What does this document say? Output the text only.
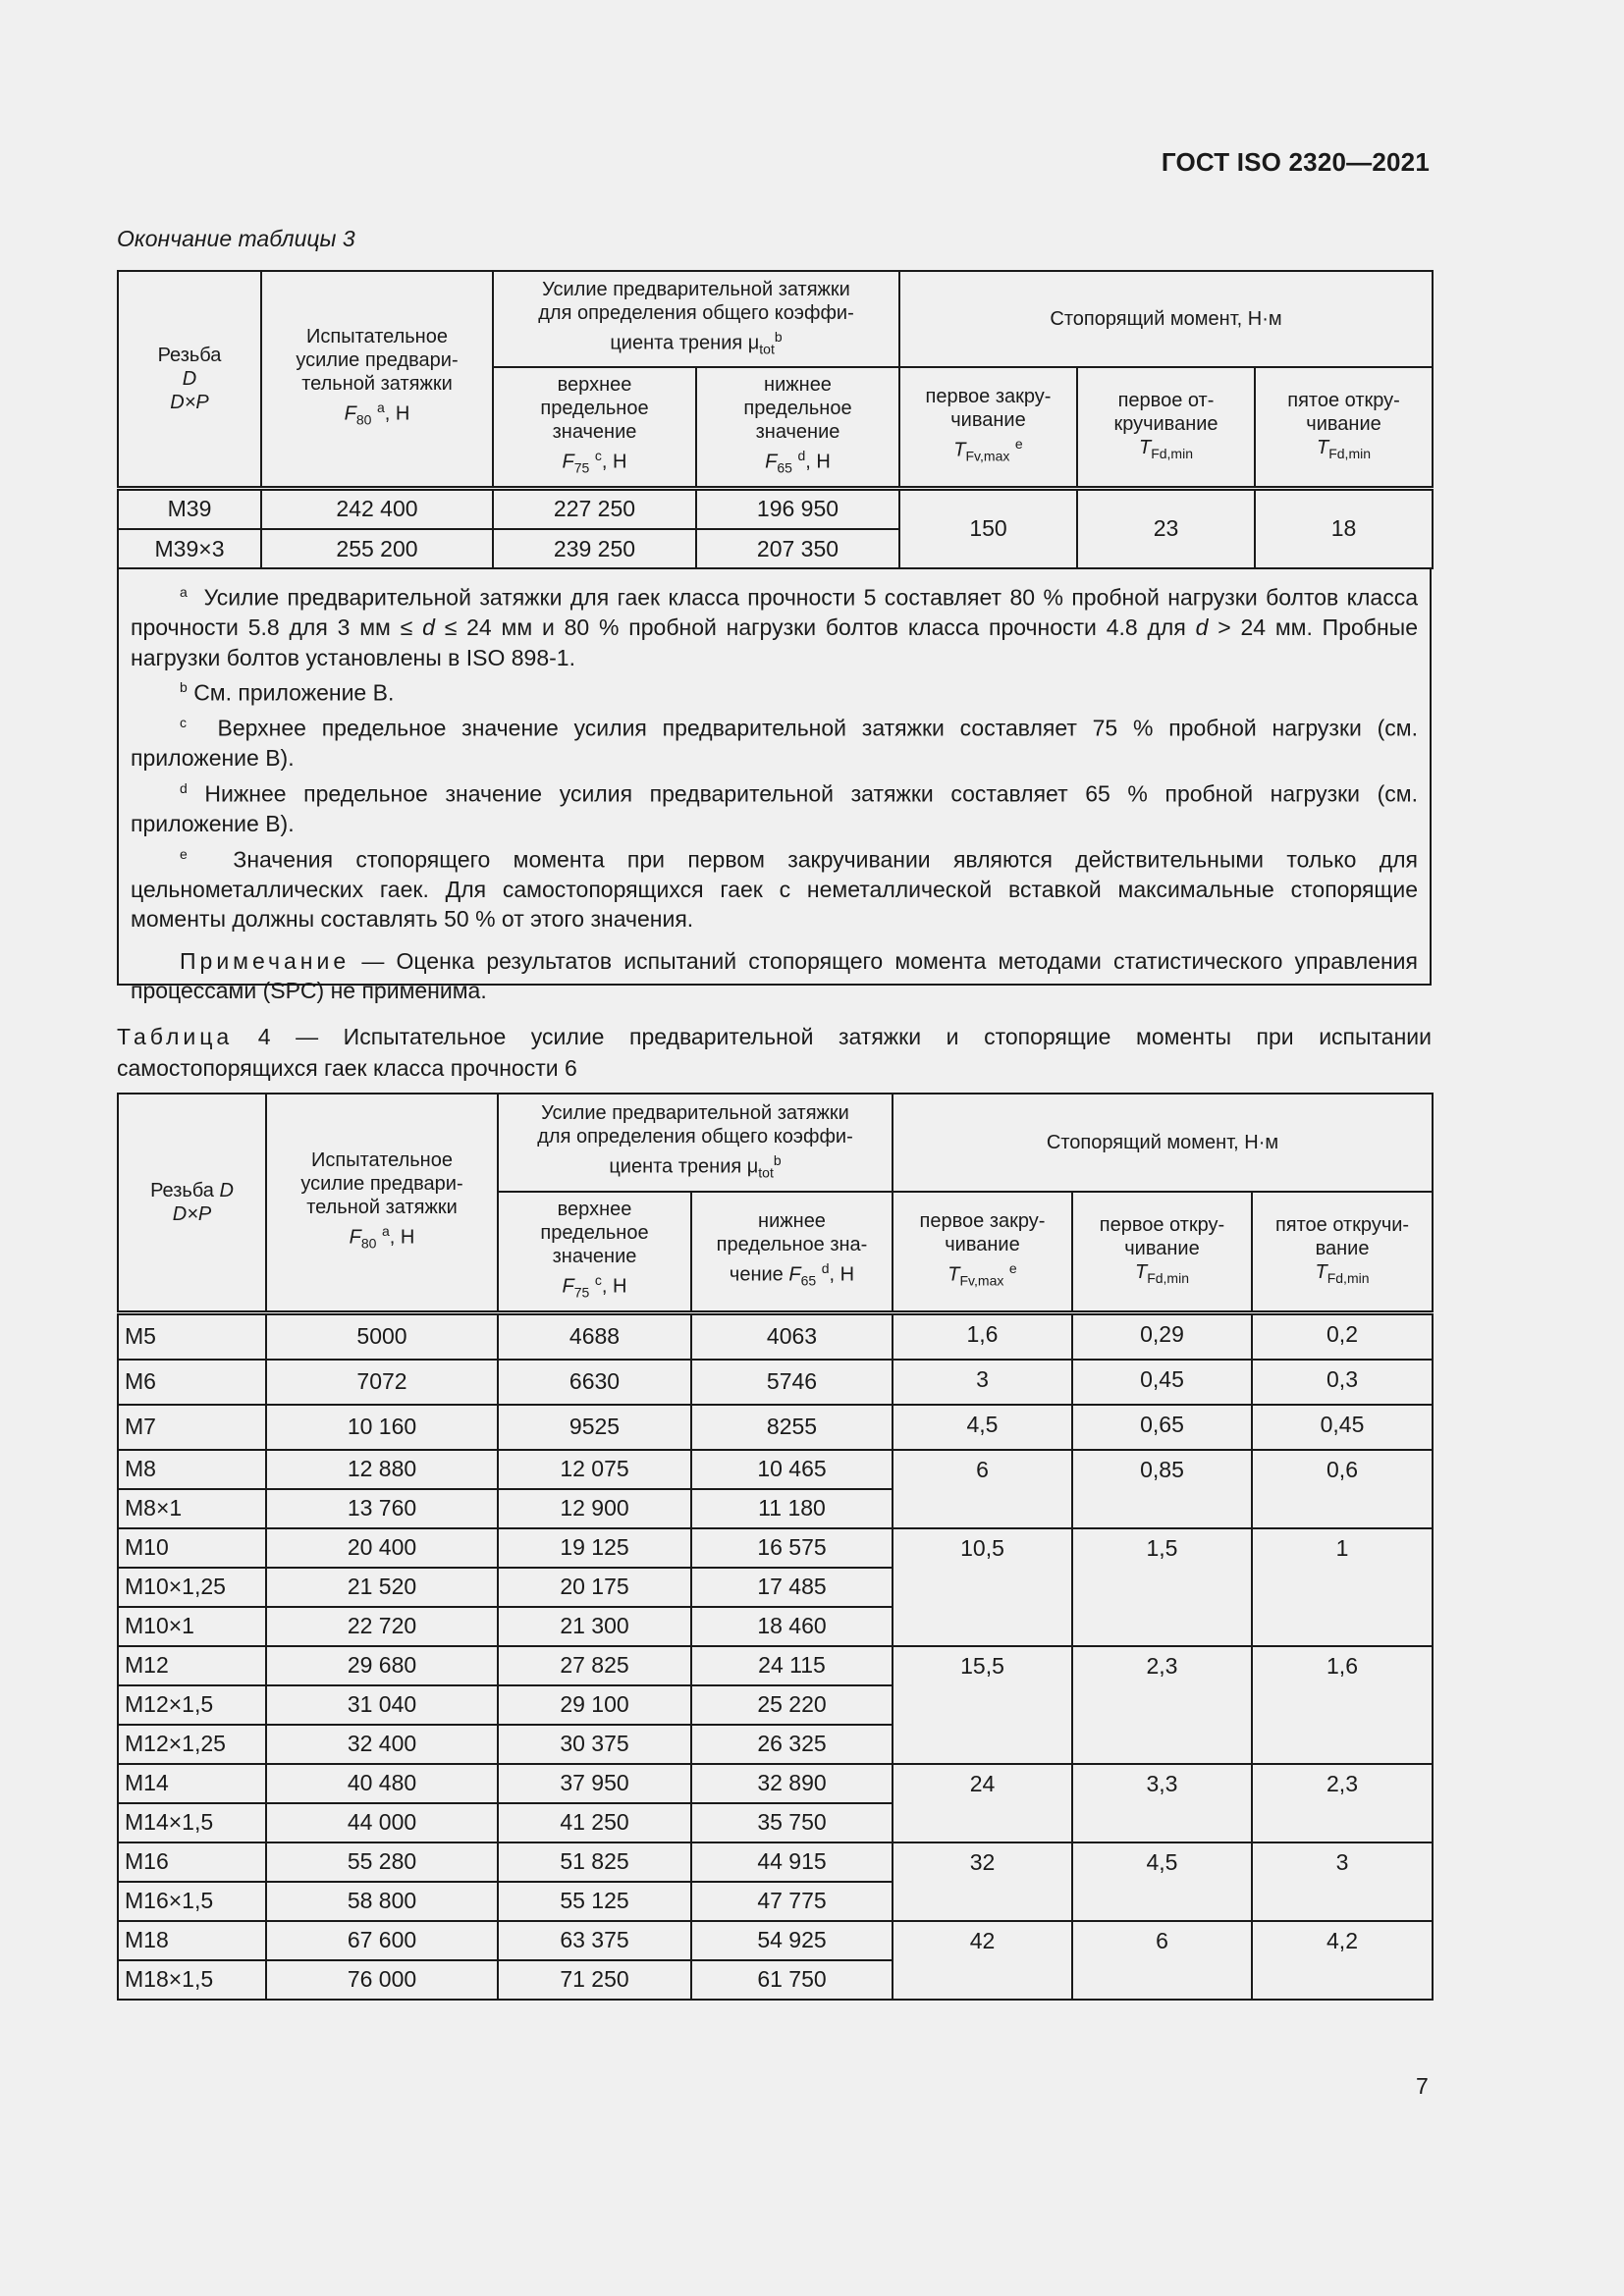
ГОСТ ISO 2320—2021
Окончание таблицы 3
Резьба
D
D×P	Испытательное
усилие предвари-
тельной затяжки
$F_{80}$ $^a$, Н	Усилие предварительной затяжки
для определения общего коэффи-
циента трения $\mu_{tot}^b$		Стопорящий момент, Н·м		
		верхнее
предельное
значение
$F_{75}$ $^c$, Н	нижнее
предельное
значение
$F_{65}$ $^d$, Н	первое закру-
чивание
$T_{Fv,max}$ $^e$	первое от-
кручивание
$T_{Fd,min}$	пятое откру-
чивание
$T_{Fd,min}$
M39	242 400	227 250	196 950	150	23	18
M39×3	255 200	239 250	207 350			

$^a$ Усилие предварительной затяжки для гаек класса прочности 5 составляет 80 % пробной нагрузки болтов класса прочности 5.8 для 3 мм ≤ d ≤ 24 мм и 80 % пробной нагрузки болтов класса прочности 4.8 для d > 24 мм. Пробные нагрузки болтов установлены в ISO 898-1.

$^b$ См. приложение В.

$^c$ Верхнее предельное значение усилия предварительной затяжки составляет 75 % пробной нагрузки (см. приложение В).

$^d$ Нижнее предельное значение усилия предварительной затяжки составляет 65 % пробной нагрузки (см. приложение В).

$^e$ Значения стопорящего момента при первом закручивании являются действительными только для цельнометаллических гаек. Для самостопорящихся гаек с неметаллической вставкой максимальные стопорящие моменты должны составлять 50 % от этого значения.

Примечание — Оценка результатов испытаний стопорящего момента методами статистического управления процессами (SPC) не применима.

Таблица 4 — Испытательное усилие предварительной затяжки и стопорящие моменты при испытании самостопорящихся гаек класса прочности 6
Резьба D
D×P	Испытательное
усилие предвари-
тельной затяжки
$F_{80}$ $^a$, Н	Усилие предварительной затяжки
для определения общего коэффи-
циента трения $\mu_{tot}^b$		Стопорящий момент, Н·м		
		верхнее
предельное
значение
$F_{75}$ $^c$, Н	нижнее
предельное зна-
чение $F_{65}$ $^d$, Н	первое закру-
чивание
$T_{Fv,max}$ $^e$	первое откру-
чивание
$T_{Fd,min}$	пятое откручи-
вание
$T_{Fd,min}$
M5	5000	4688	4063	1,6	0,29	0,2
M6	7072	6630	5746	3	0,45	0,3
M7	10 160	9525	8255	4,5	0,65	0,45
M8	12 880	12 075	10 465	6	0,85	0,6
M8×1	13 760	12 900	11 180			
M10	20 400	19 125	16 575	10,5	1,5	1
M10×1,25	21 520	20 175	17 485			
M10×1	22 720	21 300	18 460			
M12	29 680	27 825	24 115	15,5	2,3	1,6
M12×1,5	31 040	29 100	25 220			
M12×1,25	32 400	30 375	26 325			
M14	40 480	37 950	32 890	24	3,3	2,3
M14×1,5	44 000	41 250	35 750			
M16	55 280	51 825	44 915	32	4,5	3
M16×1,5	58 800	55 125	47 775			
M18	67 600	63 375	54 925	42	6	4,2
M18×1,5	76 000	71 250	61 750			
7
